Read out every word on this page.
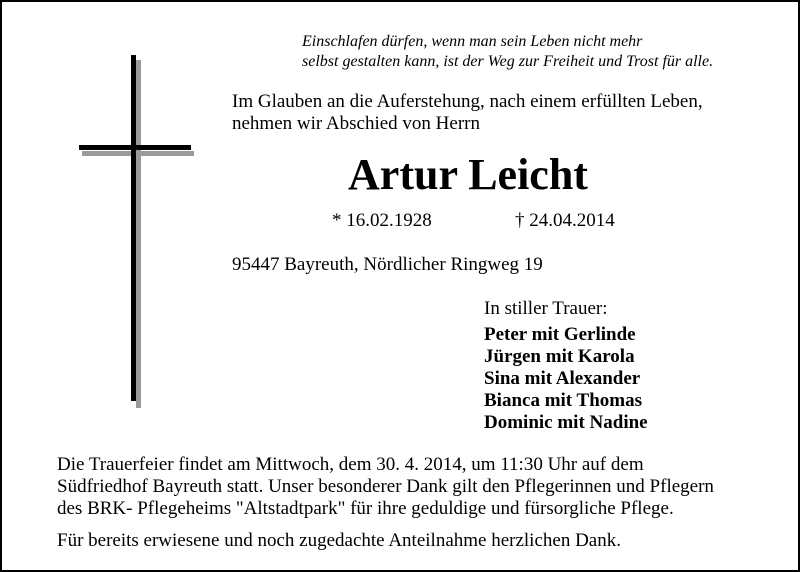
Einschlafen dürfen, wenn man sein Leben nicht mehr
selbst gestalten kann, ist der Weg zur Freiheit und Trost für alle.
Im Glauben an die Auferstehung, nach einem erfüllten Leben,
nehmen wir Abschied von Herrn
Artur Leicht
* 16.02.1928	† 24.04.2014
95447 Bayreuth, Nördlicher Ringweg 19
In stiller Trauer:
Peter mit Gerlinde
Jürgen mit Karola
Sina mit Alexander
Bianca mit Thomas
Dominic mit Nadine

Die Trauerfeier findet am Mittwoch, dem 30. 4. 2014, um 11:30 Uhr auf dem

Südfriedhof Bayreuth statt. Unser besonderer Dank gilt den Pflegerinnen und Pflegern

des BRK- Pflegeheims "Altstadtpark" für ihre geduldige und fürsorgliche Pflege.

Für bereits erwiesene und noch zugedachte Anteilnahme herzlichen Dank.
